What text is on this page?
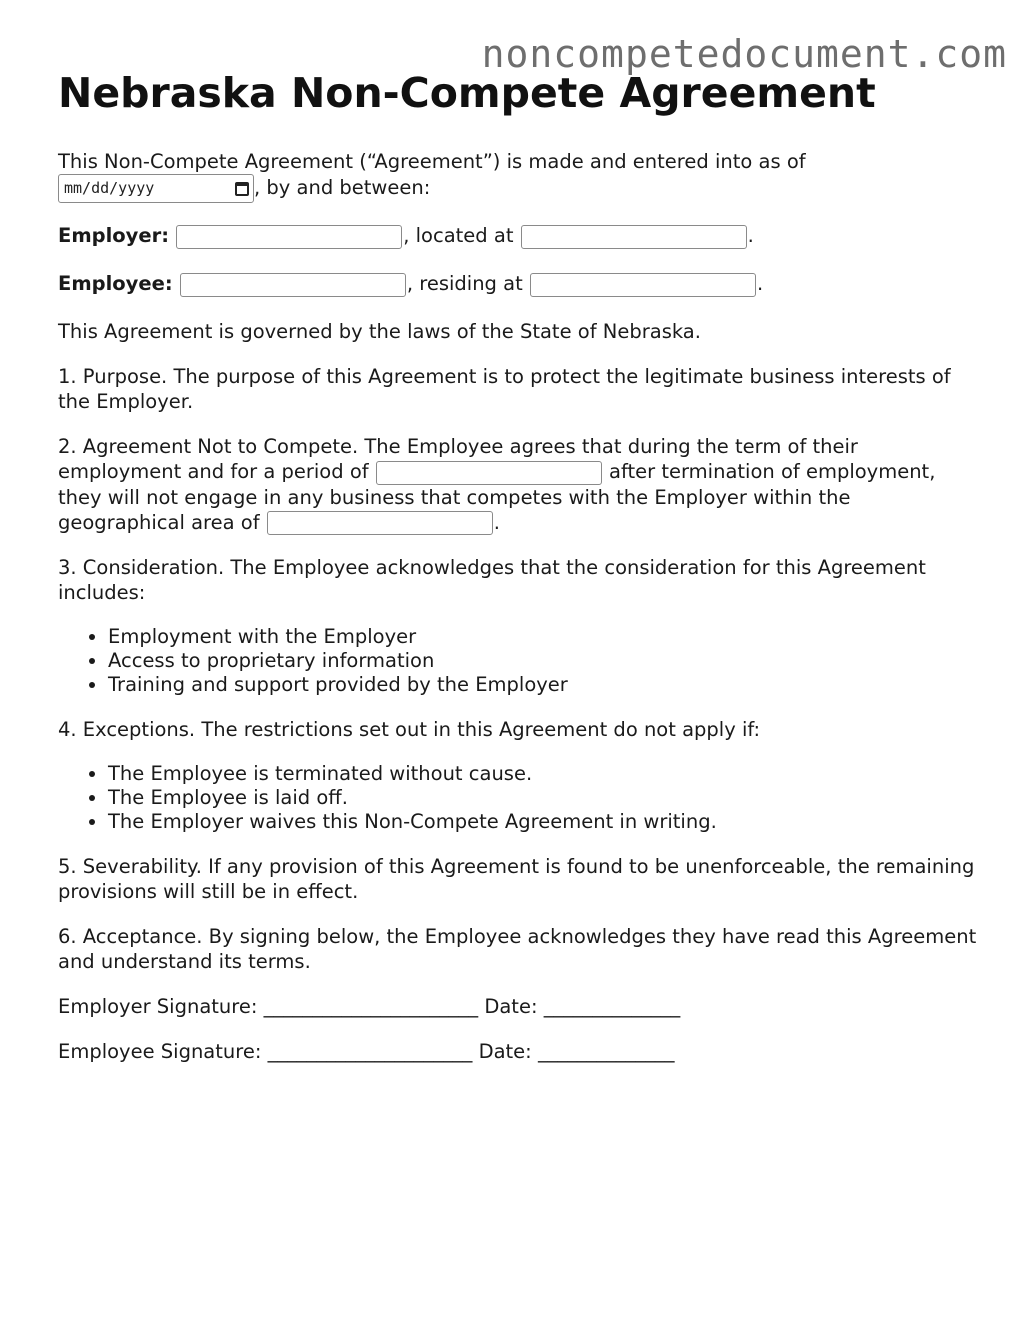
noncompetedocument.com
Nebraska Non-Compete Agreement

This Non-Compete Agreement (“Agreement”) is made and entered into as of

mm/dd/yyyy	, by and between:

Employer:	, located at	.

Employee:	, residing at	.

This Agreement is governed by the laws of the State of Nebraska.

1. Purpose. The purpose of this Agreement is to protect the legitimate business interests of the Employer.

2. Agreement Not to Compete. The Employee agrees that during the term of their employment and for a period of	after termination of employment, they will not engage in any business that competes with the Employer within the geographical area of	.

3. Consideration. The Employee acknowledges that the consideration for this Agreement includes:

• Employment with the Employer
• Access to proprietary information
• Training and support provided by the Employer

4. Exceptions. The restrictions set out in this Agreement do not apply if:

• The Employee is terminated without cause.
• The Employee is laid off.
• The Employer waives this Non-Compete Agreement in writing.

5. Severability. If any provision of this Agreement is found to be unenforceable, the remaining provisions will still be in effect.

6. Acceptance. By signing below, the Employee acknowledges they have read this Agreement and understand its terms.

Employer Signature: ______________________ Date: ______________

Employee Signature: _____________________ Date: ______________
